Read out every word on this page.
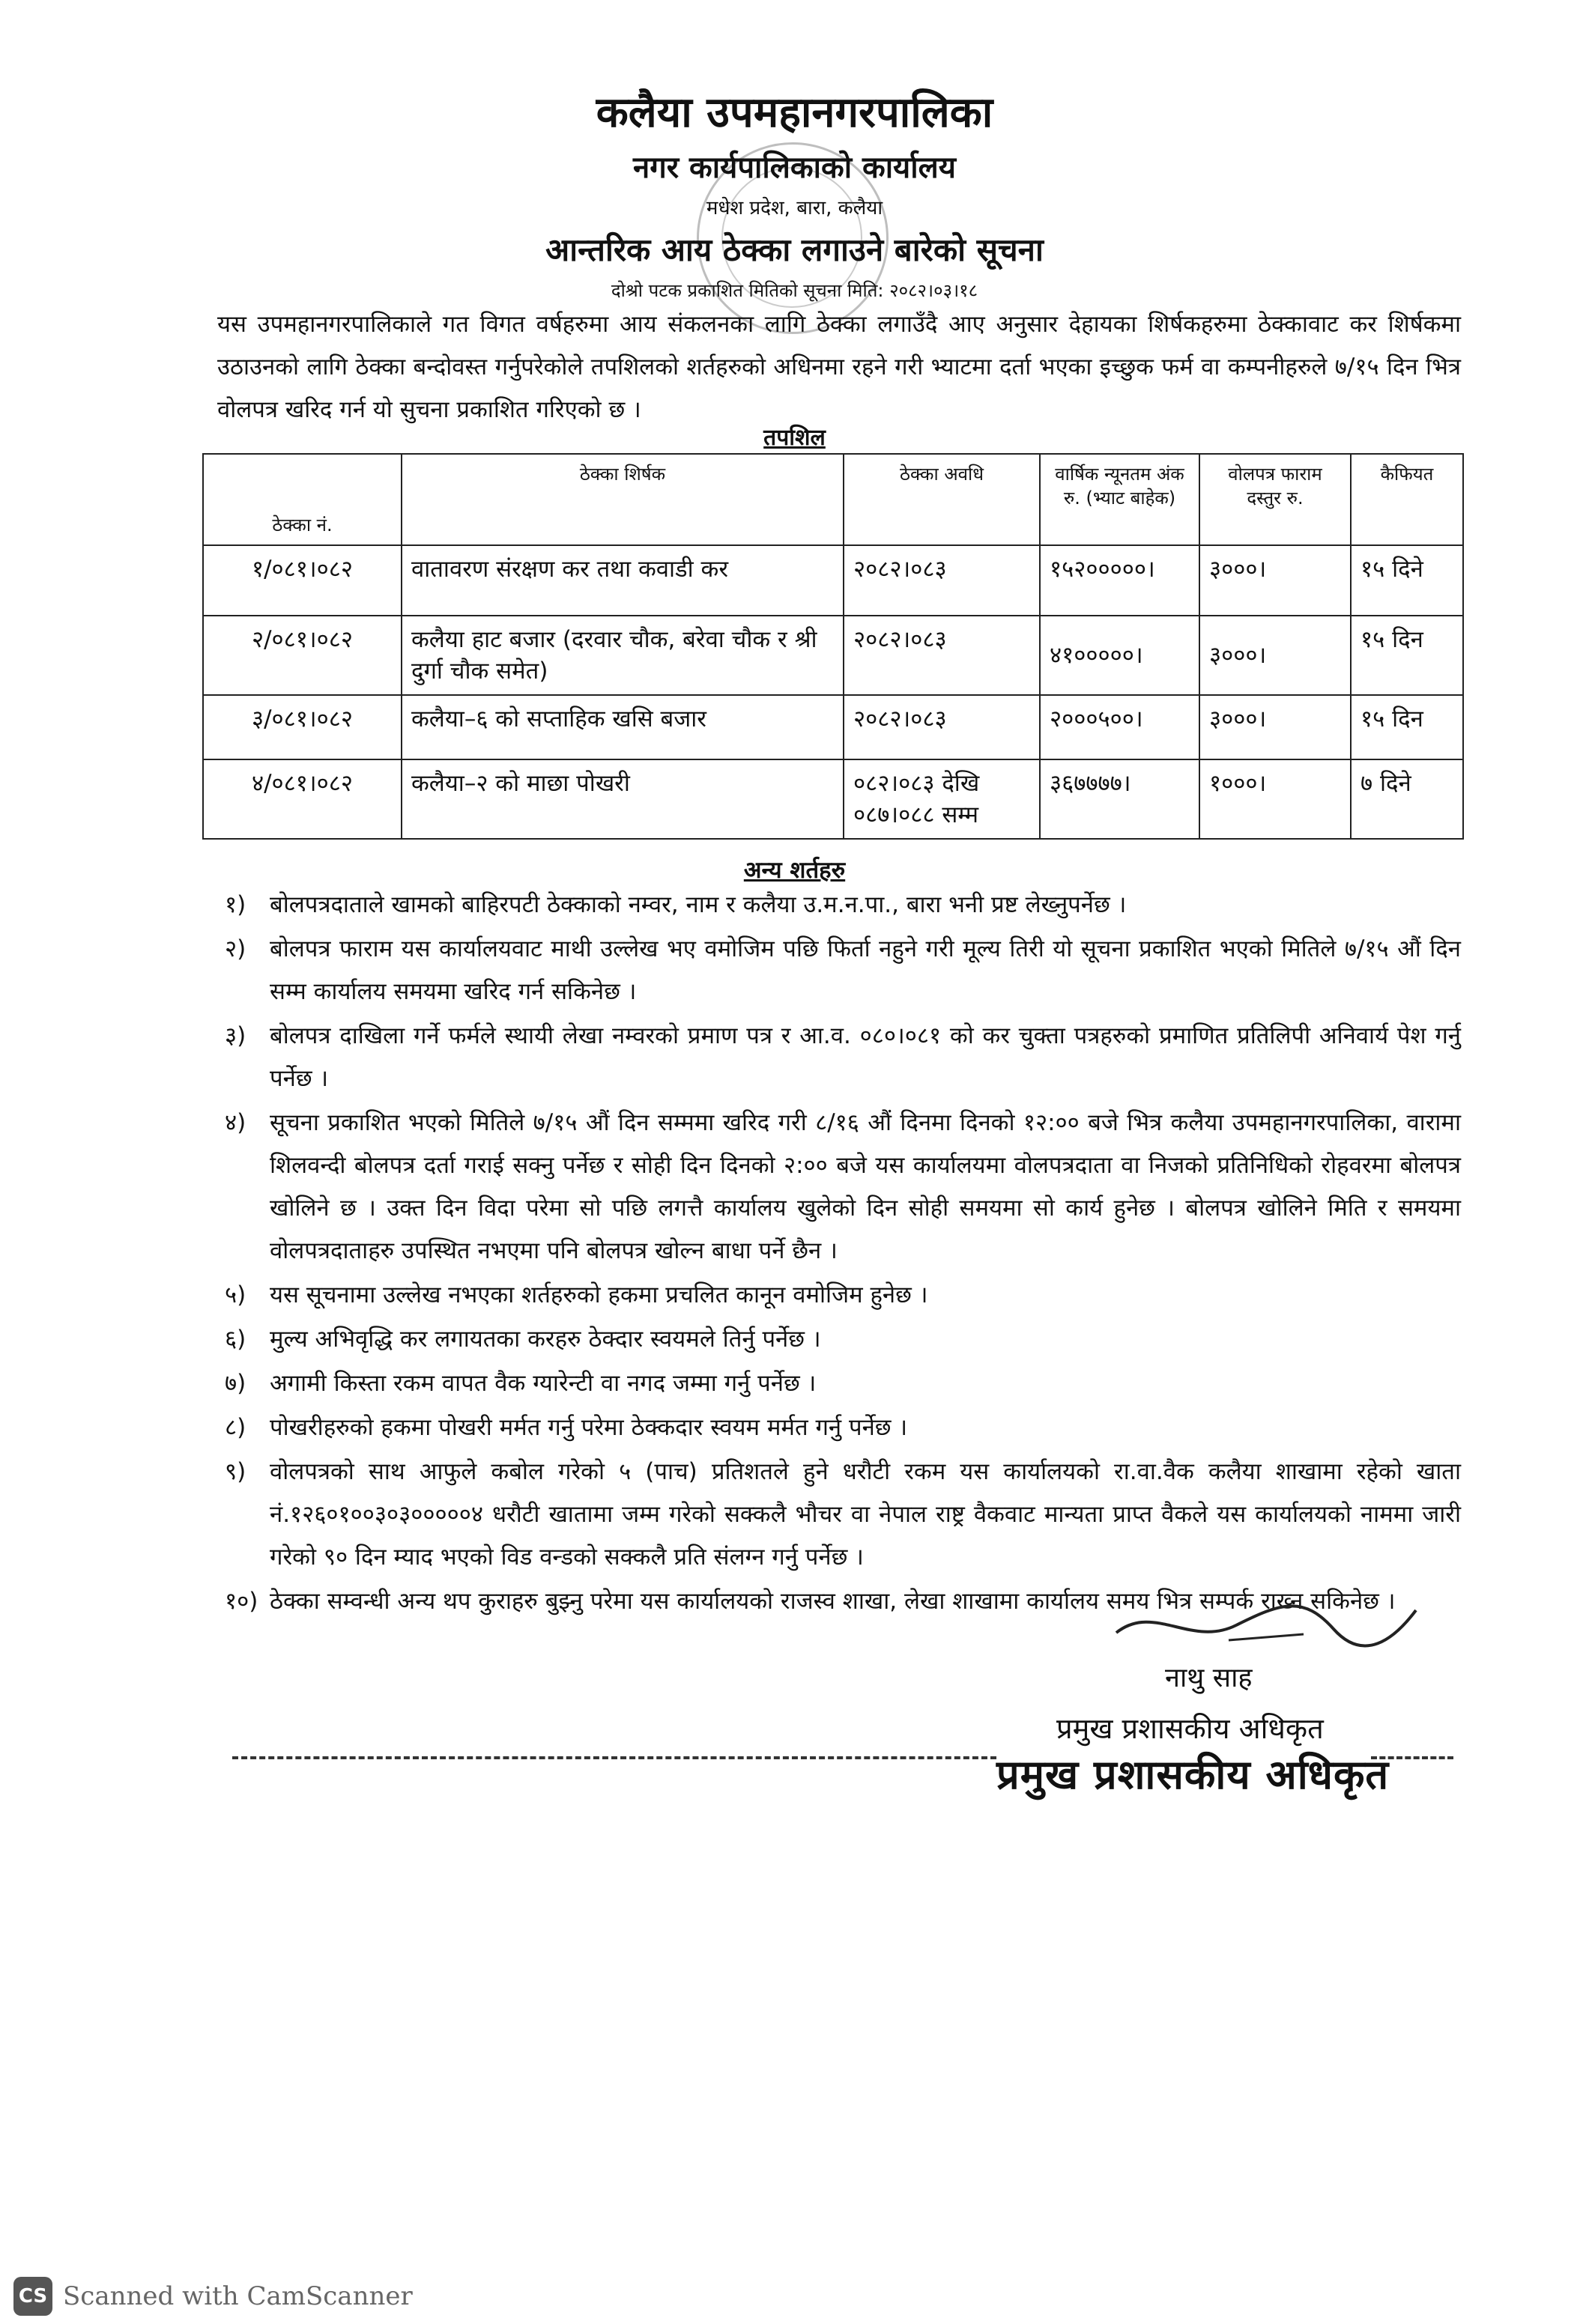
कलैया उपमहानगरपालिका
नगर कार्यपालिकाको कार्यालय
मधेश प्रदेश, बारा, कलैया
आन्तरिक आय ठेक्का लगाउने बारेको सूचना
दोश्रो पटक प्रकाशित मितिको सूचना मिति: २०८२।०३।१८
यस उपमहानगरपालिकाले गत विगत वर्षहरुमा आय संकलनका लागि ठेक्का लगाउँदै आए अनुसार देहायका शिर्षकहरुमा ठेक्कावाट कर शिर्षकमा उठाउनको लागि ठेक्का बन्दोवस्त गर्नुपरेकोले तपशिलको शर्तहरुको अधिनमा रहने गरी भ्याटमा दर्ता भएका इच्छुक फर्म वा कम्पनीहरुले ७/१५ दिन भित्र वोलपत्र खरिद गर्न यो सुचना प्रकाशित गरिएको छ ।
तपशिल
ठेक्का नं.	ठेक्का शिर्षक	ठेक्का अवधि	वार्षिक न्यूनतम अंक रु. (भ्याट बाहेक)	वोलपत्र फाराम दस्तुर रु.	कैफियत
१/०८१।०८२	वातावरण संरक्षण कर तथा कवाडी कर	२०८२।०८३	१५२०००००।	३०००।	१५ दिने
२/०८१।०८२	कलैया हाट बजार (दरवार चौक, बरेवा चौक र श्री दुर्गा चौक समेत)	२०८२।०८३	४१०००००।	३०००।	१५ दिन
३/०८१।०८२	कलैया–६ को सप्ताहिक खसि बजार	२०८२।०८३	२०००५००।	३०००।	१५ दिन
४/०८१।०८२	कलैया–२ को माछा पोखरी	०८२।०८३ देखि ०८७।०८८ सम्म	३६७७७७।	१०००।	७ दिने
अन्य शर्तहरु
१)	बोलपत्रदाताले खामको बाहिरपटी ठेक्काको नम्वर, नाम र कलैया उ.म.न.पा., बारा भनी प्रष्ट लेख्नुपर्नेछ ।
२)	बोलपत्र फाराम यस कार्यालयवाट माथी उल्लेख भए वमोजिम पछि फिर्ता नहुने गरी मूल्य तिरी यो सूचना प्रकाशित भएको मितिले ७/१५ औं दिन सम्म कार्यालय समयमा खरिद गर्न सकिनेछ ।
३)	बोलपत्र दाखिला गर्ने फर्मले स्थायी लेखा नम्वरको प्रमाण पत्र र आ.व. ०८०।०८१ को कर चुक्ता पत्रहरुको प्रमाणित प्रतिलिपी अनिवार्य पेश गर्नु पर्नेछ ।
४)	सूचना प्रकाशित भएको मितिले ७/१५ औं दिन सम्ममा खरिद गरी ८/१६ औं दिनमा दिनको १२:०० बजे भित्र कलैया उपमहानगरपालिका, वारामा शिलवन्दी बोलपत्र दर्ता गराई सक्नु पर्नेछ र सोही दिन दिनको २:०० बजे यस कार्यालयमा वोलपत्रदाता वा निजको प्रतिनिधिको रोहवरमा बोलपत्र खोलिने छ । उक्त दिन विदा परेमा सो पछि लगत्तै कार्यालय खुलेको दिन सोही समयमा सो कार्य हुनेछ । बोलपत्र खोलिने मिति र समयमा वोलपत्रदाताहरु उपस्थित नभएमा पनि बोलपत्र खोल्न बाधा पर्ने छैन ।
५)	यस सूचनामा उल्लेख नभएका शर्तहरुको हकमा प्रचलित कानून वमोजिम हुनेछ ।
६)	मुल्य अभिवृद्धि कर लगायतका करहरु ठेक्दार स्वयमले तिर्नु पर्नेछ ।
७)	अगामी किस्ता रकम वापत वैक ग्यारेन्टी वा नगद जम्मा गर्नु पर्नेछ ।
८)	पोखरीहरुको हकमा पोखरी मर्मत गर्नु परेमा ठेक्कदार स्वयम मर्मत गर्नु पर्नेछ ।
९)	वोलपत्रको साथ आफुले कबोल गरेको ५ (पाच) प्रतिशतले हुने धरौटी रकम यस कार्यालयको रा.वा.वैक कलैया शाखामा रहेको खाता नं.१२६०१००३०३०००००४ धरौटी खातामा जम्म गरेको सक्कलै भौचर वा नेपाल राष्ट्र वैकवाट मान्यता प्राप्त वैकले यस कार्यालयको नाममा जारी गरेको ९० दिन म्याद भएको विड वन्डको सक्कलै प्रति संलग्न गर्नु पर्नेछ ।
१०) ठेक्का सम्वन्धी अन्य थप कुराहरु बुझ्नु परेमा यस कार्यालयको राजस्व शाखा, लेखा शाखामा कार्यालय समय भित्र सम्पर्क राख्न सकिनेछ ।
नाथु साह
प्रमुख प्रशासकीय अधिकृत
प्रमुख प्रशासकीय अधिकृत
CS Scanned with CamScanner
